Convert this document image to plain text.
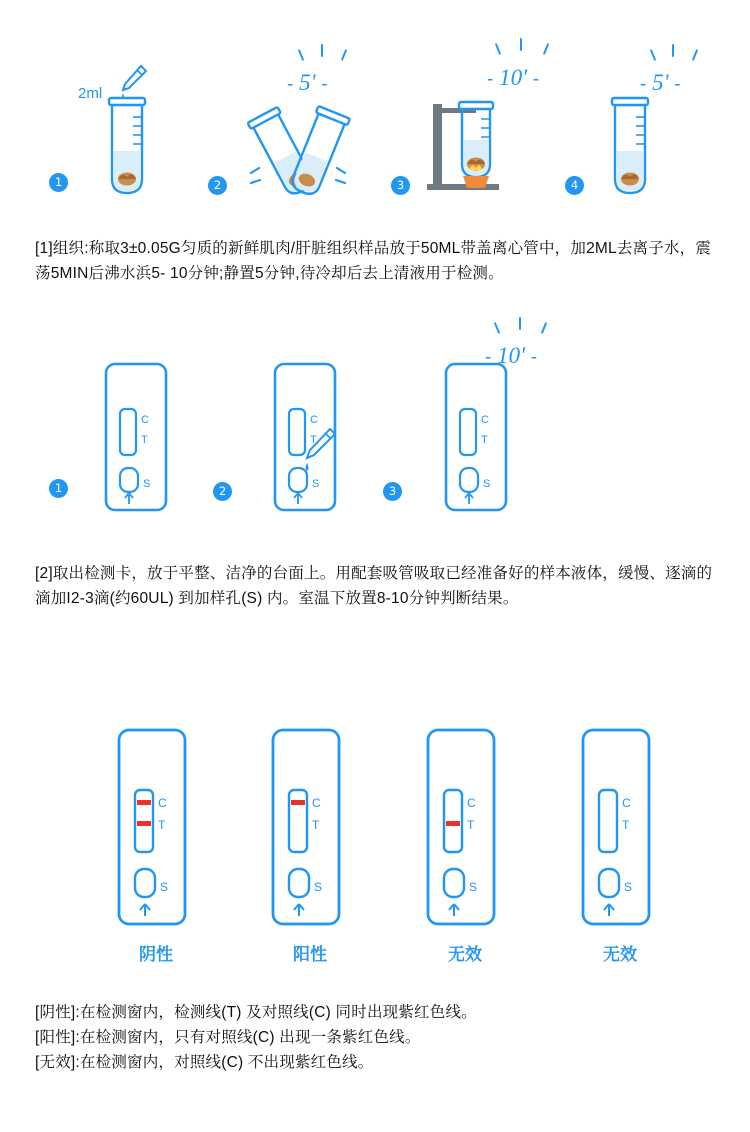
2ml
1
- 5' -
2
- 10' -
3
- 5' -
4

[1]组织:称取3±0.05G匀质的新鲜肌肉/肝脏组织样品放于50ML带盖离心管中，加2ML去离子水，震荡5MIN后沸水浜5- 10分钟;静置5分钟,待冷却后去上清液用于检测。

C
T
S
1
C
T
S
2
C
T
S
- 10' -
3

[2]取出检测卡，放于平整、洁净的台面上。用配套吸管吸取已经准备好的样本液体，缓慢、逐滴的滴加I2-3滴(约60UL) 到加样孔(S) 内。室温下放置8-10分钟判断结果。

C
T
S
阴性
C
T
S
阳性
C
T
S
无效
C
T
S
无效

[阴性]:在检测窗内，检测线(T) 及对照线(C) 同时出现紫红色线。

[阳性]:在检测窗内，只有对照线(C) 出现一条紫红色线。

[无效]:在检测窗内，对照线(C) 不出现紫红色线。
